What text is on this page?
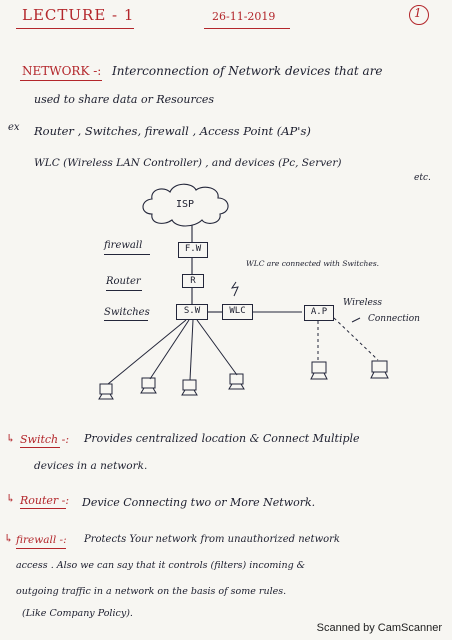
LECTURE - 1	26-11-2019	1
NETWORK -: Interconnection of Network devices that are
used to share data or Resources
ex Router , Switches, firewall , Access Point (AP's)
WLC (Wireless LAN Controller) , and devices (Pc, Server)
etc.
ISP
F.W
R
S.W	WLC	A.P
firewall
Router
Switches
WLC are connected with Switches.
Wireless
Connection
↳ Switch -: Provides centralized location & Connect Multiple
devices in a network.
↳ Router -: Device Connecting two or More Network.
↳ firewall -: Protects Your network from unauthorized network
access . Also we can say that it controls (filters) incoming &
outgoing traffic in a network on the basis of some rules.
(Like Company Policy).
Scanned by CamScanner
